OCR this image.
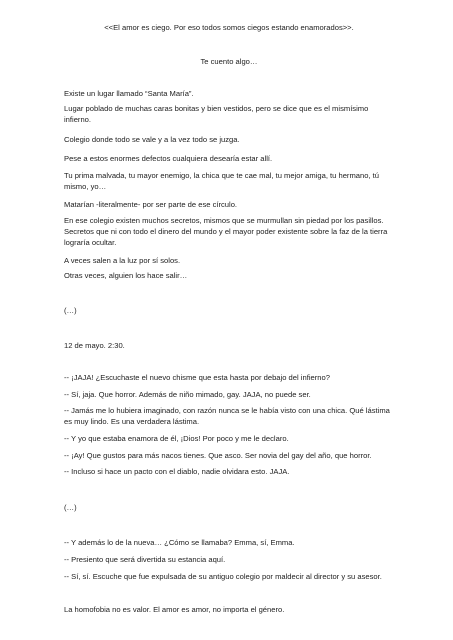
<<El amor es ciego. Por eso todos somos ciegos estando enamorados>>.
Te cuento algo…
Existe un lugar llamado “Santa María”.
Lugar poblado de muchas caras bonitas y bien vestidos, pero se dice que es el mismísimo infierno.
Colegio donde todo se vale y a la vez todo se juzga.
Pese a estos enormes defectos cualquiera desearía estar allí.
Tu prima malvada, tu mayor enemigo, la chica que te cae mal, tu mejor amiga, tu hermano, tú mismo, yo…
Matarían -literalmente- por ser parte de ese círculo.
En ese colegio existen muchos secretos, mismos que se murmullan sin piedad por los pasillos. Secretos que ni con todo el dinero del mundo y el mayor poder existente sobre la faz de la tierra lograría ocultar.
A veces salen a la luz por sí solos.
Otras veces, alguien los hace salir…
(…)
12 de mayo. 2:30.
-- ¡JAJA! ¿Escuchaste el nuevo chisme que esta hasta por debajo del infierno?
-- Sí, jaja. Que horror. Además de niño mimado, gay. JAJA, no puede ser.
-- Jamás me lo hubiera imaginado, con razón nunca se le había visto con una chica. Qué lástima es muy lindo. Es una verdadera lástima.
-- Y yo que estaba enamora de él, ¡Dios! Por poco y me le declaro.
-- ¡Ay! Que gustos para más nacos tienes. Que asco. Ser novia del gay del año, que horror.
-- Incluso si hace un pacto con el diablo, nadie olvidara esto. JAJA.
(…)
-- Y además lo de la nueva… ¿Cómo se llamaba? Emma, sí, Emma.
-- Presiento que será divertida su estancia aquí.
-- Sí, sí. Escuche que fue expulsada de su antiguo colegio por maldecir al director y su asesor.
La homofobia no es valor. El amor es amor, no importa el género.
